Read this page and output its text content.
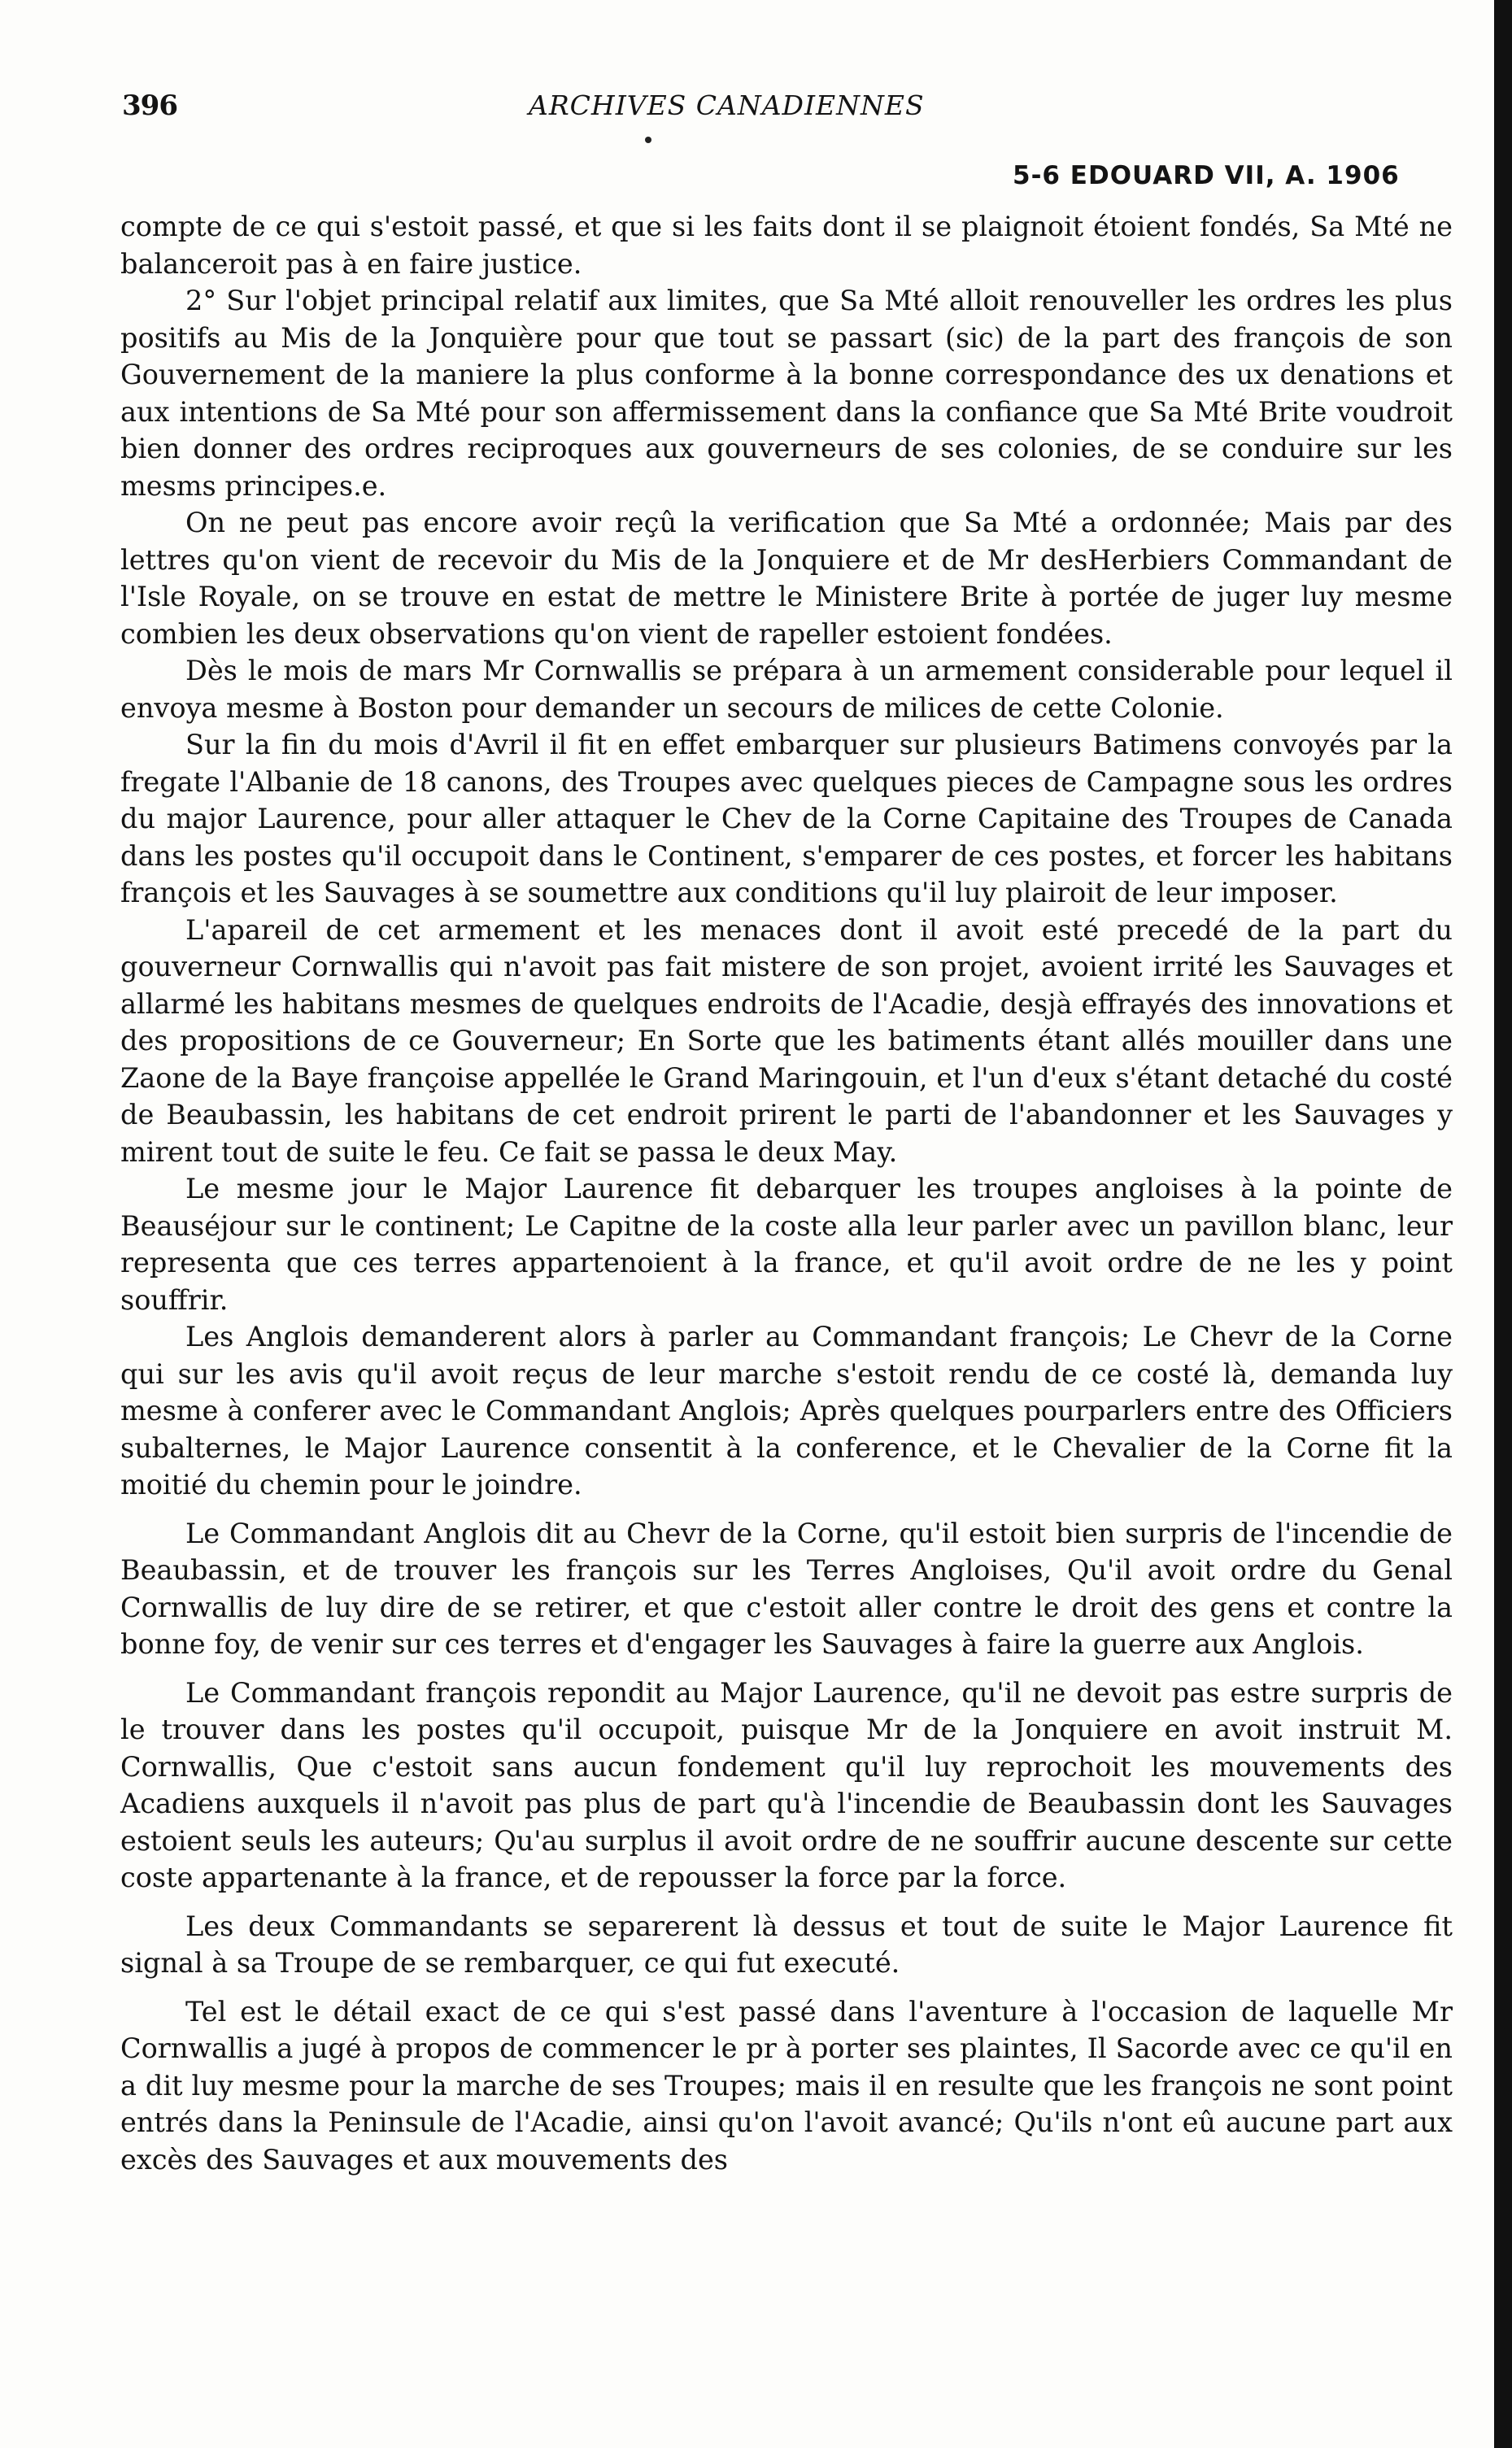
396	ARCHIVES CANADIENNES
5-6 EDOUARD VII, A. 1906

compte de ce qui s'estoit passé, et que si les faits dont il se plaignoit étoient fondés, Sa Mté ne balanceroit pas à en faire justice.

2° Sur l'objet principal relatif aux limites, que Sa Mté alloit renouveller les ordres les plus positifs au Mis de la Jonquière pour que tout se passart (sic) de la part des françois de son Gouvernement de la maniere la plus conforme à la bonne correspondance des ux denations et aux intentions de Sa Mté pour son affermissement dans la confiance que Sa Mté Brite voudroit bien donner des ordres reciproques aux gouverneurs de ses colonies, de se conduire sur les mesms principes.e.

On ne peut pas encore avoir reçû la verification que Sa Mté a ordonnée; Mais par des lettres qu'on vient de recevoir du Mis de la Jonquiere et de Mr desHerbiers Commandant de l'Isle Royale, on se trouve en estat de mettre le Ministere Brite à portée de juger luy mesme combien les deux observations qu'on vient de rapeller estoient fondées.

Dès le mois de mars Mr Cornwallis se prépara à un armement considerable pour lequel il envoya mesme à Boston pour demander un secours de milices de cette Colonie.

Sur la fin du mois d'Avril il fit en effet embarquer sur plusieurs Batimens convoyés par la fregate l'Albanie de 18 canons, des Troupes avec quelques pieces de Campagne sous les ordres du major Laurence, pour aller attaquer le Chev de la Corne Capitaine des Troupes de Canada dans les postes qu'il occupoit dans le Continent, s'emparer de ces postes, et forcer les habitans françois et les Sauvages à se soumettre aux conditions qu'il luy plairoit de leur imposer.

L'apareil de cet armement et les menaces dont il avoit esté precedé de la part du gouverneur Cornwallis qui n'avoit pas fait mistere de son projet, avoient irrité les Sauvages et allarmé les habitans mesmes de quelques endroits de l'Acadie, desjà effrayés des innovations et des propositions de ce Gouverneur; En Sorte que les batiments étant allés mouiller dans une Zaone de la Baye françoise appellée le Grand Maringouin, et l'un d'eux s'étant detaché du costé de Beaubassin, les habitans de cet endroit prirent le parti de l'abandonner et les Sauvages y mirent tout de suite le feu. Ce fait se passa le deux May.

Le mesme jour le Major Laurence fit debarquer les troupes angloises à la pointe de Beauséjour sur le continent; Le Capitne de la coste alla leur parler avec un pavillon blanc, leur representa que ces terres appartenoient à la france, et qu'il avoit ordre de ne les y point souffrir.

Les Anglois demanderent alors à parler au Commandant françois; Le Chevr de la Corne qui sur les avis qu'il avoit reçus de leur marche s'estoit rendu de ce costé là, demanda luy mesme à conferer avec le Commandant Anglois; Après quelques pourparlers entre des Officiers subalternes, le Major Laurence consentit à la conference, et le Chevalier de la Corne fit la moitié du chemin pour le joindre.

Le Commandant Anglois dit au Chevr de la Corne, qu'il estoit bien surpris de l'incendie de Beaubassin, et de trouver les françois sur les Terres Angloises, Qu'il avoit ordre du Genal Cornwallis de luy dire de se retirer, et que c'estoit aller contre le droit des gens et contre la bonne foy, de venir sur ces terres et d'engager les Sauvages à faire la guerre aux Anglois.

Le Commandant françois repondit au Major Laurence, qu'il ne devoit pas estre surpris de le trouver dans les postes qu'il occupoit, puisque Mr de la Jonquiere en avoit instruit M. Cornwallis, Que c'estoit sans aucun fondement qu'il luy reprochoit les mouvements des Acadiens auxquels il n'avoit pas plus de part qu'à l'incendie de Beaubassin dont les Sauvages estoient seuls les auteurs; Qu'au surplus il avoit ordre de ne souffrir aucune descente sur cette coste appartenante à la france, et de repousser la force par la force.

Les deux Commandants se separerent là dessus et tout de suite le Major Laurence fit signal à sa Troupe de se rembarquer, ce qui fut executé.

Tel est le détail exact de ce qui s'est passé dans l'aventure à l'occasion de laquelle Mr Cornwallis a jugé à propos de commencer le pr à porter ses plaintes, Il Sacorde avec ce qu'il en a dit luy mesme pour la marche de ses Troupes; mais il en resulte que les françois ne sont point entrés dans la Peninsule de l'Acadie, ainsi qu'on l'avoit avancé; Qu'ils n'ont eû aucune part aux excès des Sauvages et aux mouvements des
